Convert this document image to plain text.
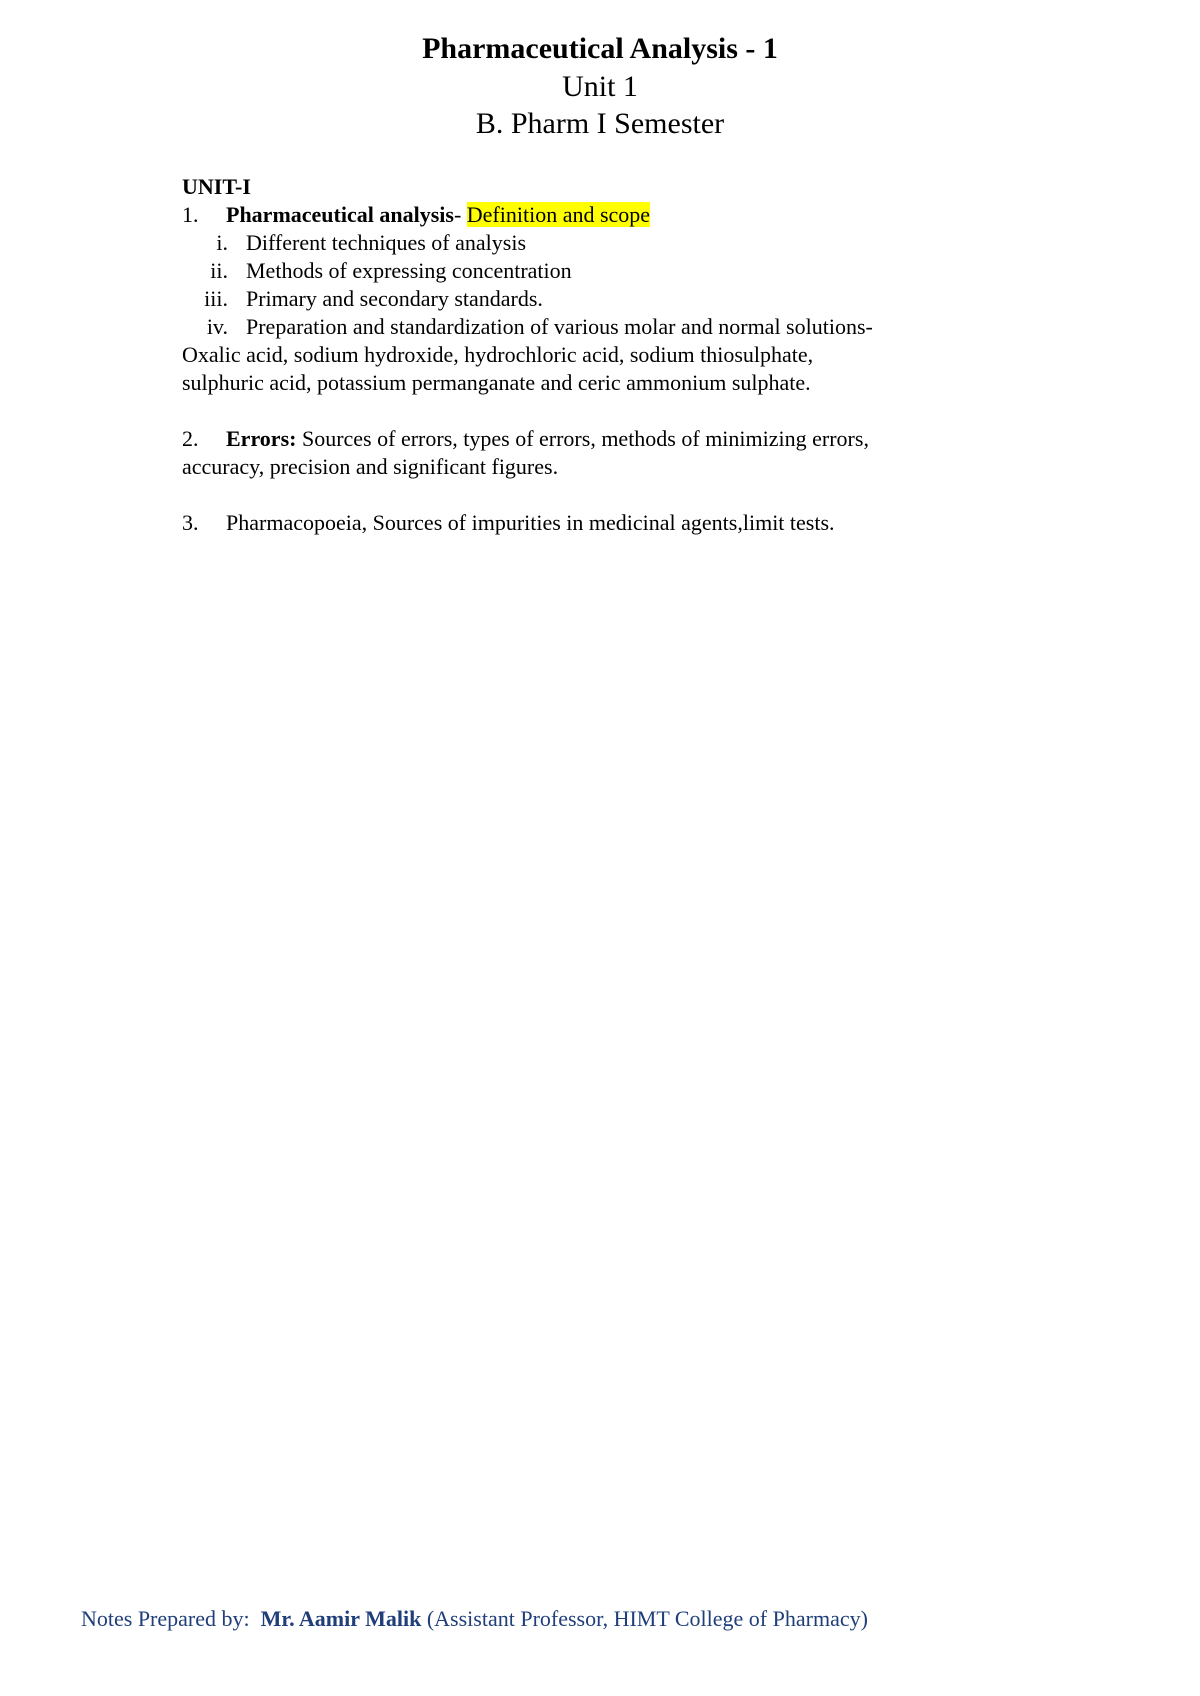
Pharmaceutical Analysis - 1
Unit 1
B. Pharm I Semester
UNIT-I
1.	Pharmaceutical analysis- Definition and scope
i. Different techniques of analysis
ii. Methods of expressing concentration
iii. Primary and secondary standards.
iv. Preparation and standardization of various molar and normal solutions-
Oxalic acid, sodium hydroxide, hydrochloric acid, sodium thiosulphate,
sulphuric acid, potassium permanganate and ceric ammonium sulphate.
2.	Errors: Sources of errors, types of errors, methods of minimizing errors,
accuracy, precision and significant figures.
3.	Pharmacopoeia, Sources of impurities in medicinal agents,limit tests.
Notes Prepared by:  Mr. Aamir Malik (Assistant Professor, HIMT College of Pharmacy)
